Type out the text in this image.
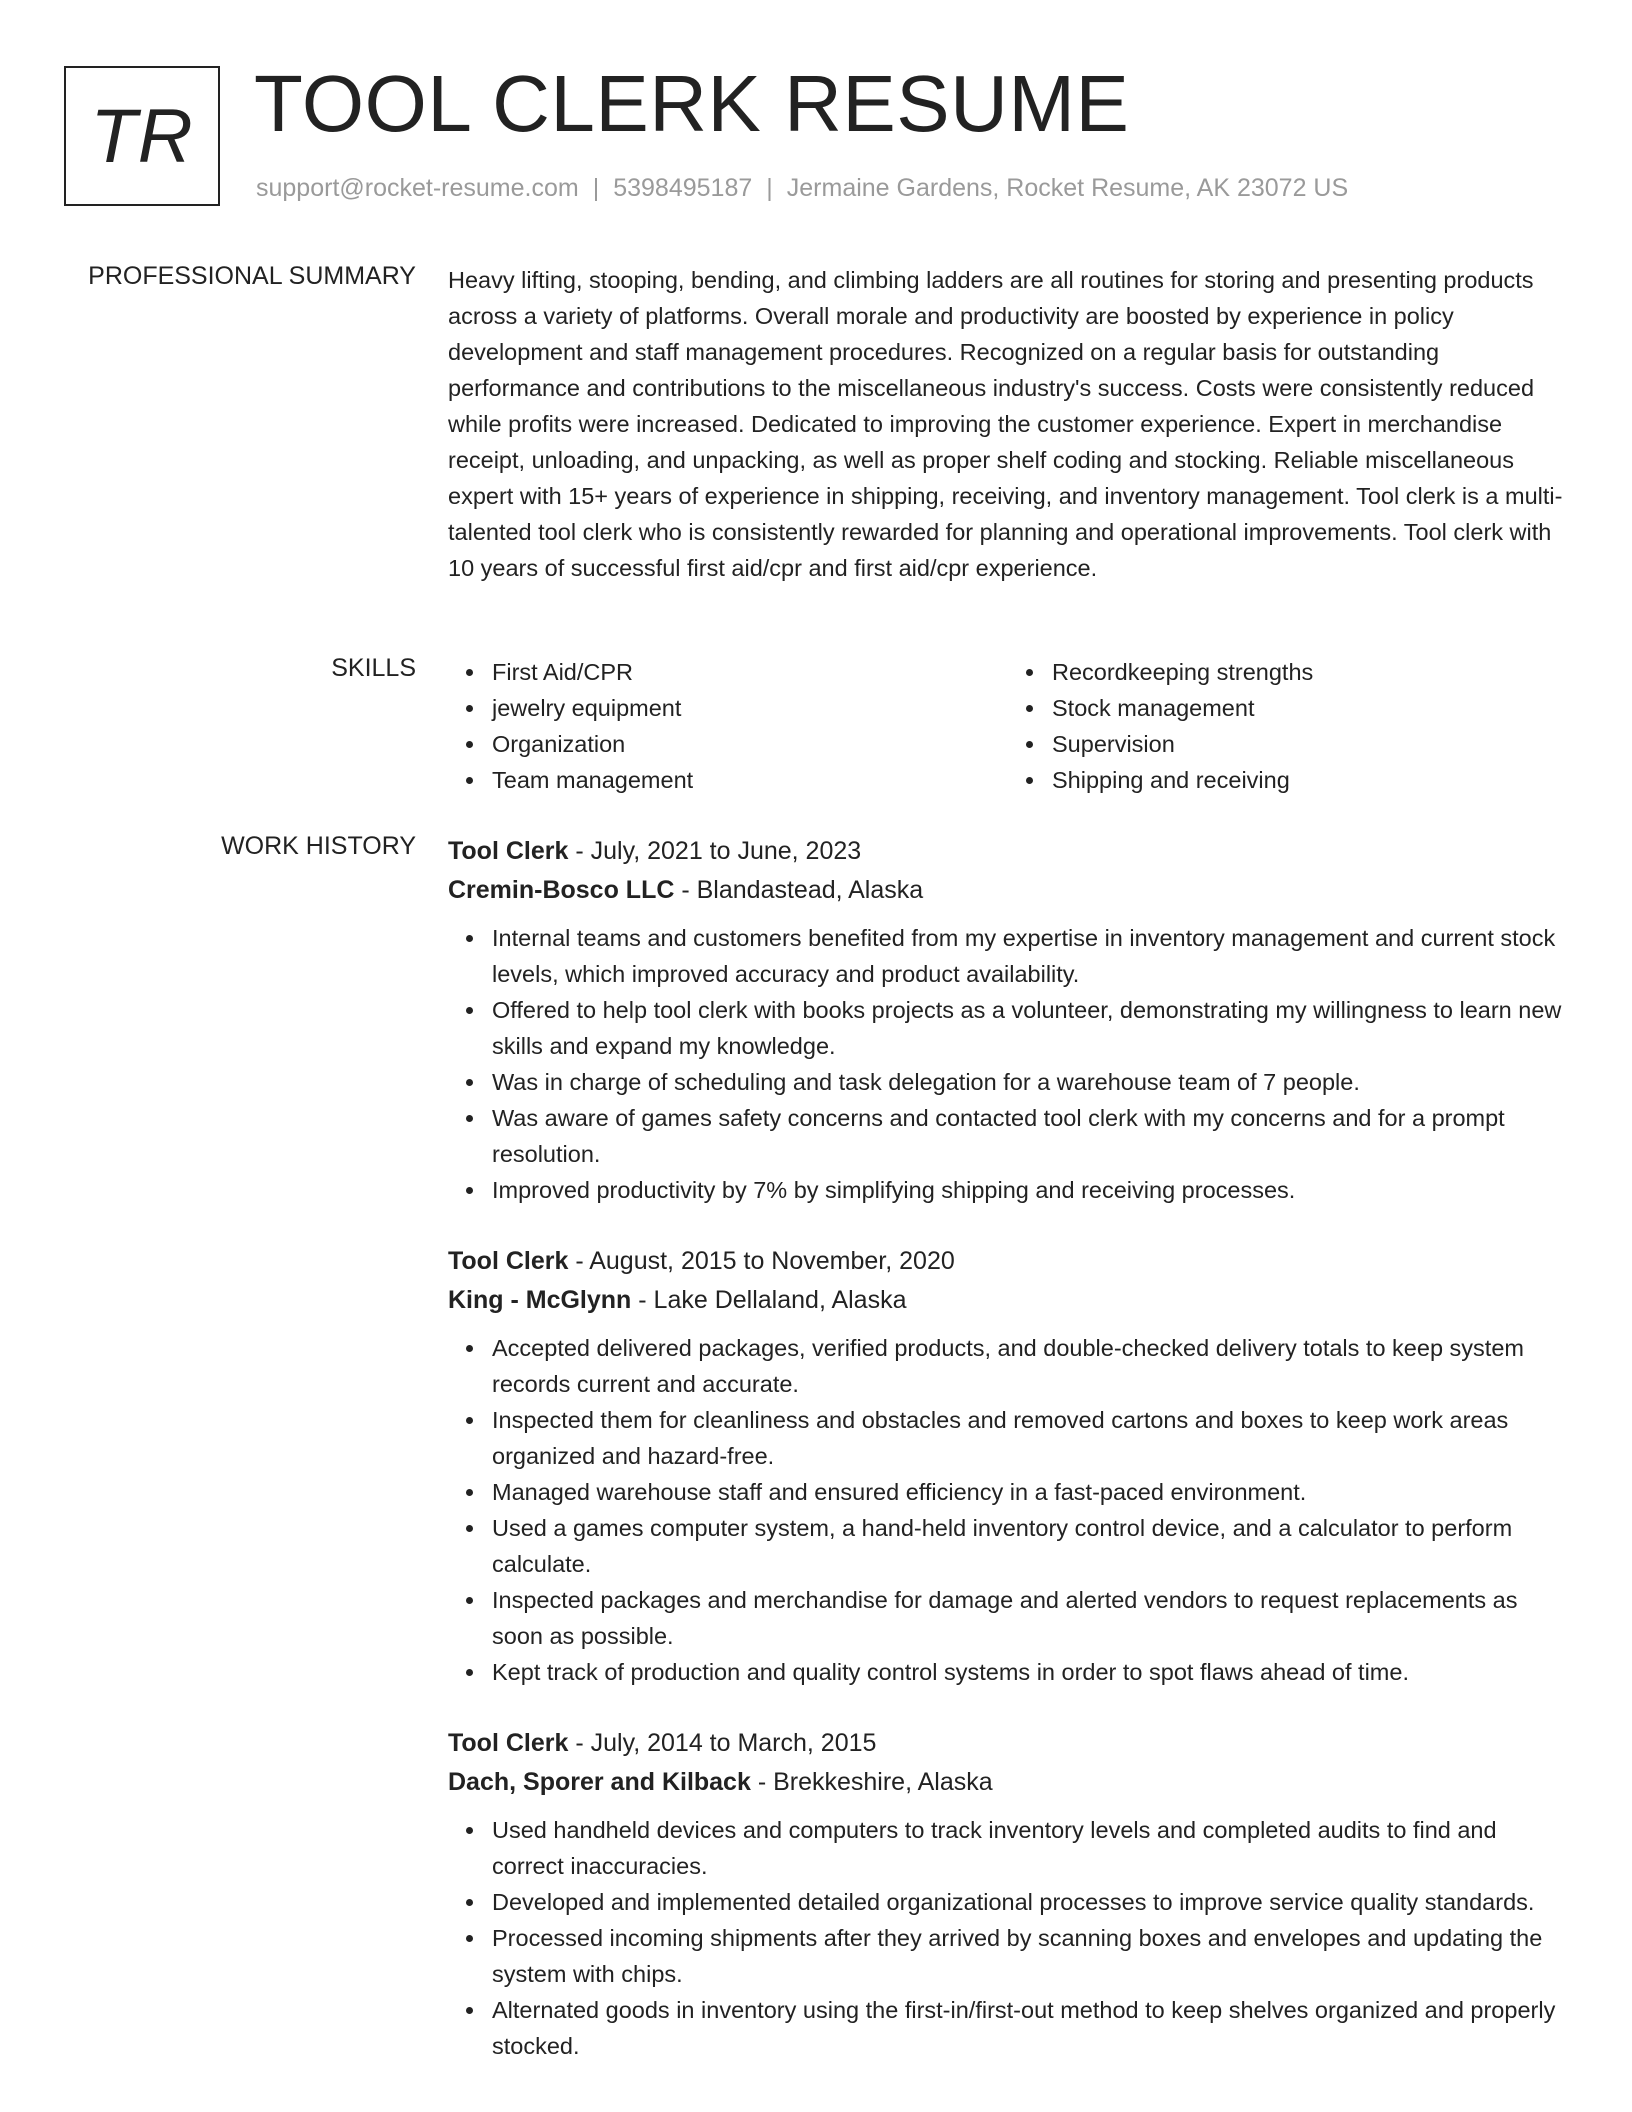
TR TOOL CLERK RESUME
support@rocket-resume.com | 5398495187 | Jermaine Gardens, Rocket Resume, AK 23072 US
PROFESSIONAL SUMMARY Heavy lifting, stooping, bending, and climbing ladders are all routines for storing and presenting products across a variety of platforms. Overall morale and productivity are boosted by experience in policy development and staff management procedures. Recognized on a regular basis for outstanding performance and contributions to the miscellaneous industry's success. Costs were consistently reduced while profits were increased. Dedicated to improving the customer experience. Expert in merchandise receipt, unloading, and unpacking, as well as proper shelf coding and stocking. Reliable miscellaneous expert with 15+ years of experience in shipping, receiving, and inventory management. Tool clerk is a multi-talented tool clerk who is consistently rewarded for planning and operational improvements. Tool clerk with 10 years of successful first aid/cpr and first aid/cpr experience.

SKILLS	First Aid/CPR
jewelry equipment
Organization
Team management
Recordkeeping strengths
Stock management
Supervision
Shipping and receiving
WORK HISTORY Tool Clerk - July, 2021 to June, 2023
Cremin-Bosco LLC - Blandastead, Alaska
Internal teams and customers benefited from my expertise in inventory management and current stock levels, which improved accuracy and product availability.
Offered to help tool clerk with books projects as a volunteer, demonstrating my willingness to learn new skills and expand my knowledge.
Was in charge of scheduling and task delegation for a warehouse team of 7 people.
Was aware of games safety concerns and contacted tool clerk with my concerns and for a prompt resolution.
Improved productivity by 7% by simplifying shipping and receiving processes.
Tool Clerk - August, 2015 to November, 2020
King - McGlynn - Lake Dellaland, Alaska
Accepted delivered packages, verified products, and double-checked delivery totals to keep system records current and accurate.
Inspected them for cleanliness and obstacles and removed cartons and boxes to keep work areas organized and hazard-free.
Managed warehouse staff and ensured efficiency in a fast-paced environment.
Used a games computer system, a hand-held inventory control device, and a calculator to perform calculate.
Inspected packages and merchandise for damage and alerted vendors to request replacements as soon as possible.
Kept track of production and quality control systems in order to spot flaws ahead of time.
Tool Clerk - July, 2014 to March, 2015
Dach, Sporer and Kilback - Brekkeshire, Alaska
Used handheld devices and computers to track inventory levels and completed audits to find and correct inaccuracies.
Developed and implemented detailed organizational processes to improve service quality standards.
Processed incoming shipments after they arrived by scanning boxes and envelopes and updating the system with chips.
Alternated goods in inventory using the first-in/first-out method to keep shelves organized and properly stocked.
